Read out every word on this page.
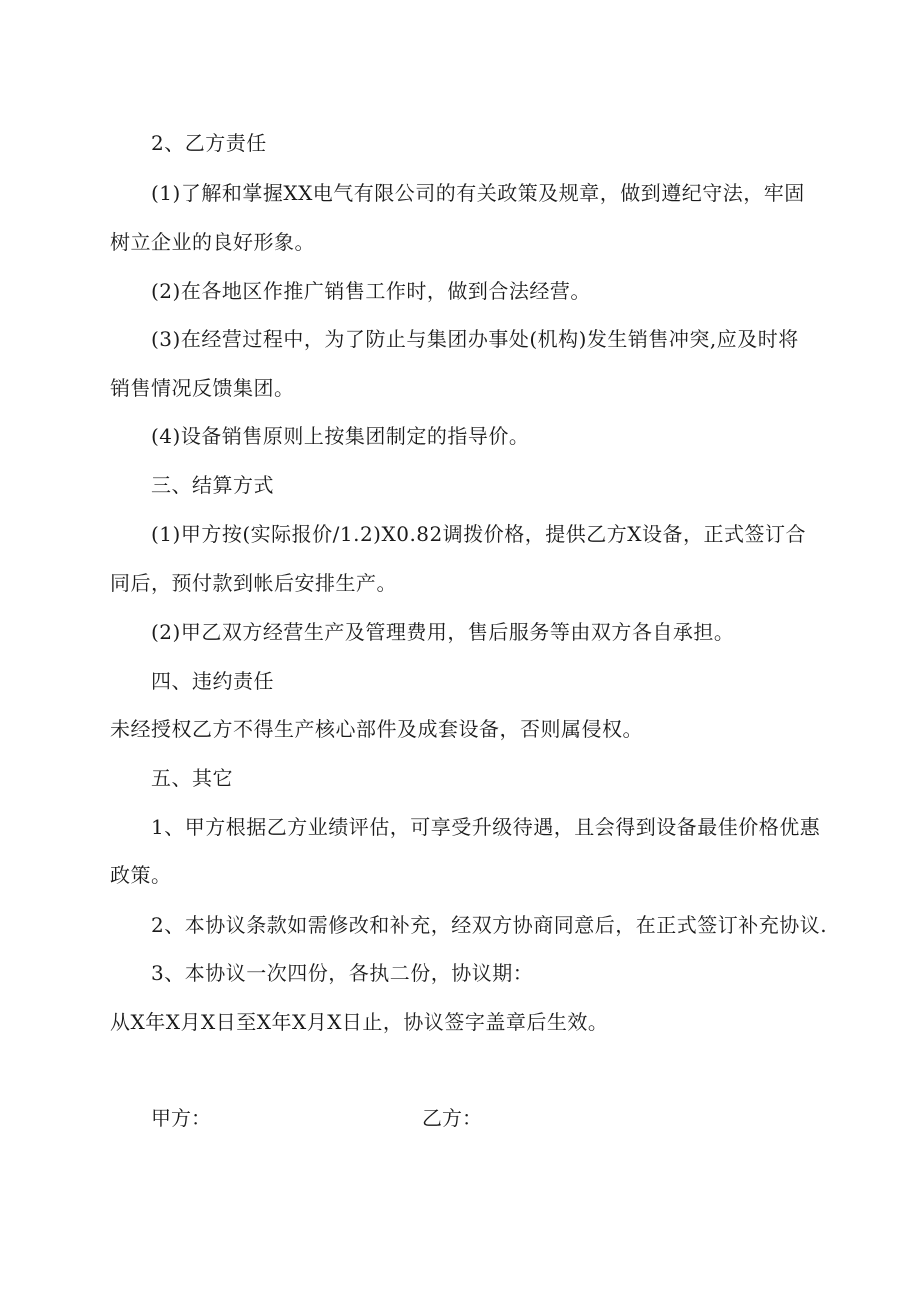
2、乙方责任
(1)了解和掌握XX电气有限公司的有关政策及规章，做到遵纪守法，牢固
树立企业的良好形象。
(2)在各地区作推广销售工作时，做到合法经营。
(3)在经营过程中，为了防止与集团办事处(机构)发生销售冲突,应及时将
销售情况反馈集团。
(4)设备销售原则上按集团制定的指导价。
三、结算方式
(1)甲方按(实际报价/1.2)X0.82调拨价格，提供乙方X设备，正式签订合
同后，预付款到帐后安排生产。
(2)甲乙双方经营生产及管理费用，售后服务等由双方各自承担。
四、违约责任
未经授权乙方不得生产核心部件及成套设备，否则属侵权。
五、其它
1、甲方根据乙方业绩评估，可享受升级待遇，且会得到设备最佳价格优惠
政策。
2、本协议条款如需修改和补充，经双方协商同意后，在正式签订补充协议.
3、本协议一次四份，各执二份，协议期：
从X年X月X日至X年X月X日止，协议签字盖章后生效。
甲方：	乙方：
